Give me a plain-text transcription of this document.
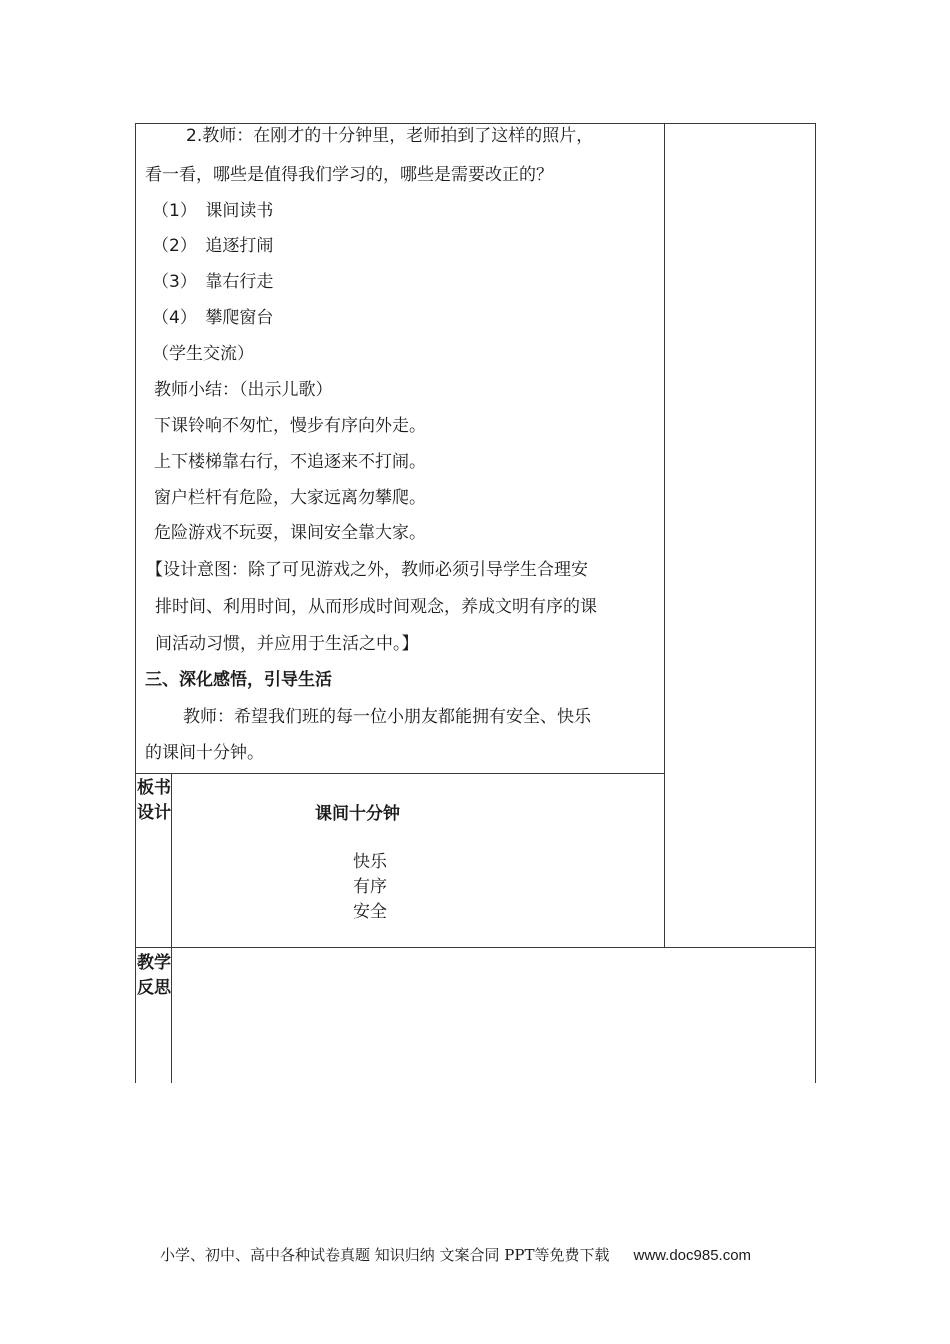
2.教师：在刚才的十分钟里，老师拍到了这样的照片，
看一看，哪些是值得我们学习的，哪些是需要改正的？
（1）　课间读书
（2）　追逐打闹
（3）　靠右行走
（4）　攀爬窗台
（学生交流）
教师小结：（出示儿歌）
下课铃响不匆忙，慢步有序向外走。
上下楼梯靠右行，不追逐来不打闹。
窗户栏杆有危险，大家远离勿攀爬。
危险游戏不玩耍，课间安全靠大家。
【设计意图：除了可见游戏之外，教师必须引导学生合理安
排时间、利用时间，从而形成时间观念，养成文明有序的课
间活动习惯，并应用于生活之中。】
三、深化感悟，引导生活
教师：希望我们班的每一位小朋友都能拥有安全、快乐
的课间十分钟。
板书设计	课间十分钟
快乐
有序
安全
教学反思
小学、初中、高中各种试卷真题 知识归纳 文案合同 PPT等免费下载 www.doc985.com
